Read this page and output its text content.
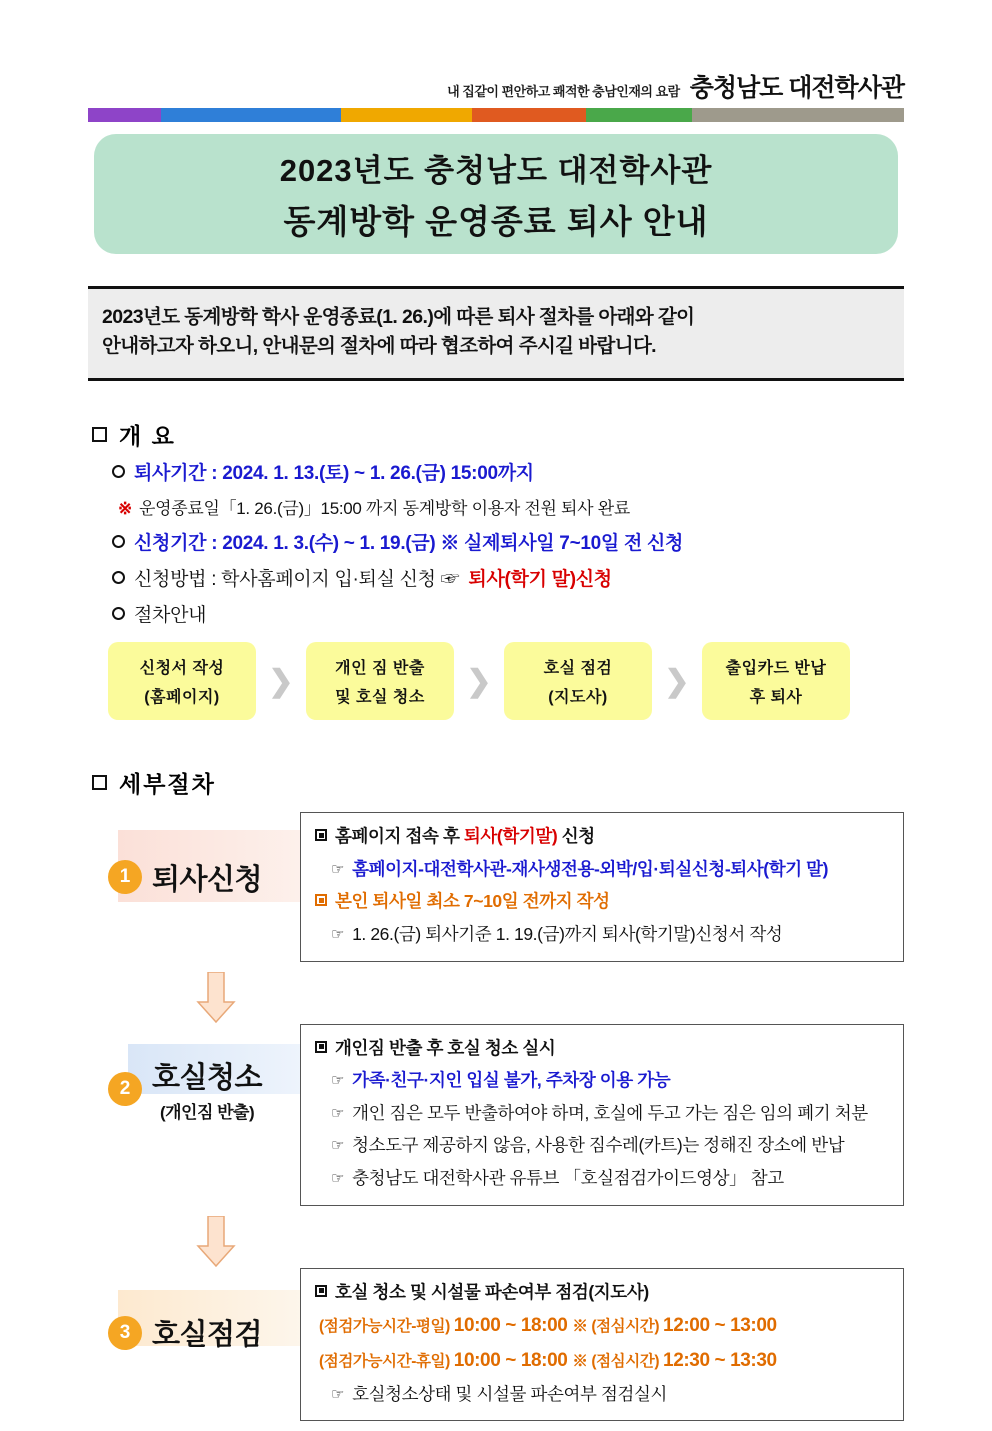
내 집같이 편안하고 쾌적한 충남인재의 요람 충청남도 대전학사관
2023년도 충청남도 대전학사관
동계방학 운영종료 퇴사 안내
2023년도 동계방학 학사 운영종료(1. 26.)에 따른 퇴사 절차를 아래와 같이
안내하고자 하오니, 안내문의 절차에 따라 협조하여 주시길 바랍니다.
개 요
퇴사기간 : 2024. 1. 13.(토) ~ 1. 26.(금) 15:00까지
※ 운영종료일「1. 26.(금)」15:00 까지 동계방학 이용자 전원 퇴사 완료
신청기간 : 2024. 1. 3.(수) ~ 1. 19.(금) ※ 실제퇴사일 7~10일 전 신청
신청방법 : 학사홈페이지 입·퇴실 신청 ☞ 퇴사(학기 말)신청
절차안내
신청서 작성
(홈페이지)	❯	개인 짐 반출
및 호실 청소	❯	호실 점검
(지도사)	❯	출입카드 반납
후 퇴사
세부절차
1 퇴사신청
홈페이지 접속 후 퇴사(학기말) 신청
☞ 홈페이지-대전학사관-재사생전용-외박/입·퇴실신청-퇴사(학기 말)
본인 퇴사일 최소 7~10일 전까지 작성
☞ 1. 26.(금) 퇴사기준 1. 19.(금)까지 퇴사(학기말)신청서 작성
2 호실청소
(개인짐 반출)
개인짐 반출 후 호실 청소 실시
☞ 가족·친구·지인 입실 불가, 주차장 이용 가능
☞ 개인 짐은 모두 반출하여야 하며, 호실에 두고 가는 짐은 임의 폐기 처분
☞ 청소도구 제공하지 않음, 사용한 짐수레(카트)는 정해진 장소에 반납
☞ 충청남도 대전학사관 유튜브 「호실점검가이드영상」 참고
3 호실점검
호실 청소 및 시설물 파손여부 점검(지도사)
(점검가능시간-평일) 10:00 ~ 18:00 ※ (점심시간) 12:00 ~ 13:00
(점검가능시간-휴일) 10:00 ~ 18:00 ※ (점심시간) 12:30 ~ 13:30
☞ 호실청소상태 및 시설물 파손여부 점검실시
